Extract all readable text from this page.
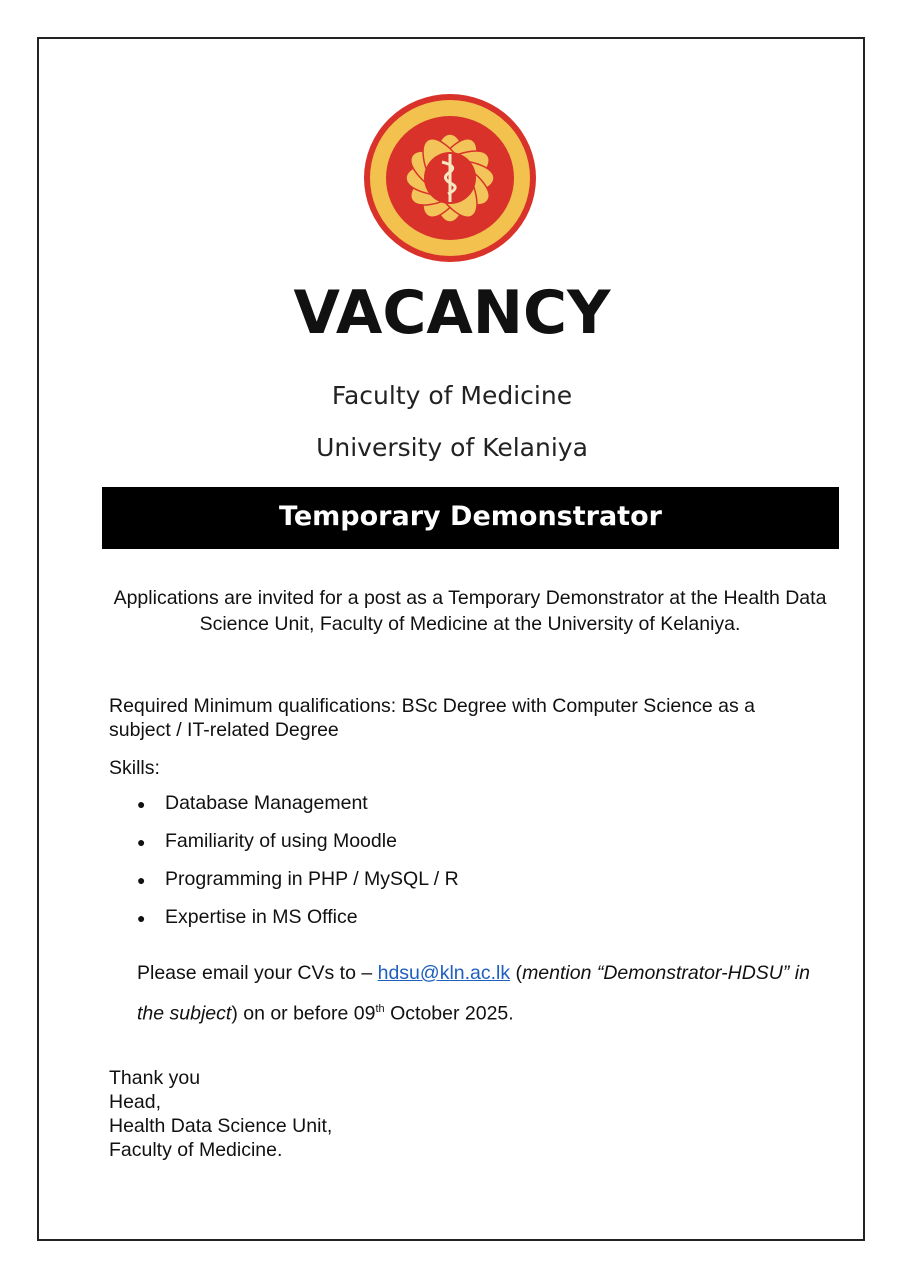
VACANCY
Faculty of Medicine
University of Kelaniya
Temporary Demonstrator
Applications are invited for a post as a Temporary Demonstrator at the Health Data Science Unit, Faculty of Medicine at the University of Kelaniya.
Required Minimum qualifications: BSc Degree with Computer Science as a subject / IT-related Degree
Skills:
●	Database Management
●	Familiarity of using Moodle
●	Programming in PHP / MySQL / R
●	Expertise in MS Office
Please email your CVs to – hdsu@kln.ac.lk (mention “Demonstrator-HDSU” in the subject) on or before 09th October 2025.
Thank you
Head,
Health Data Science Unit,
Faculty of Medicine.
